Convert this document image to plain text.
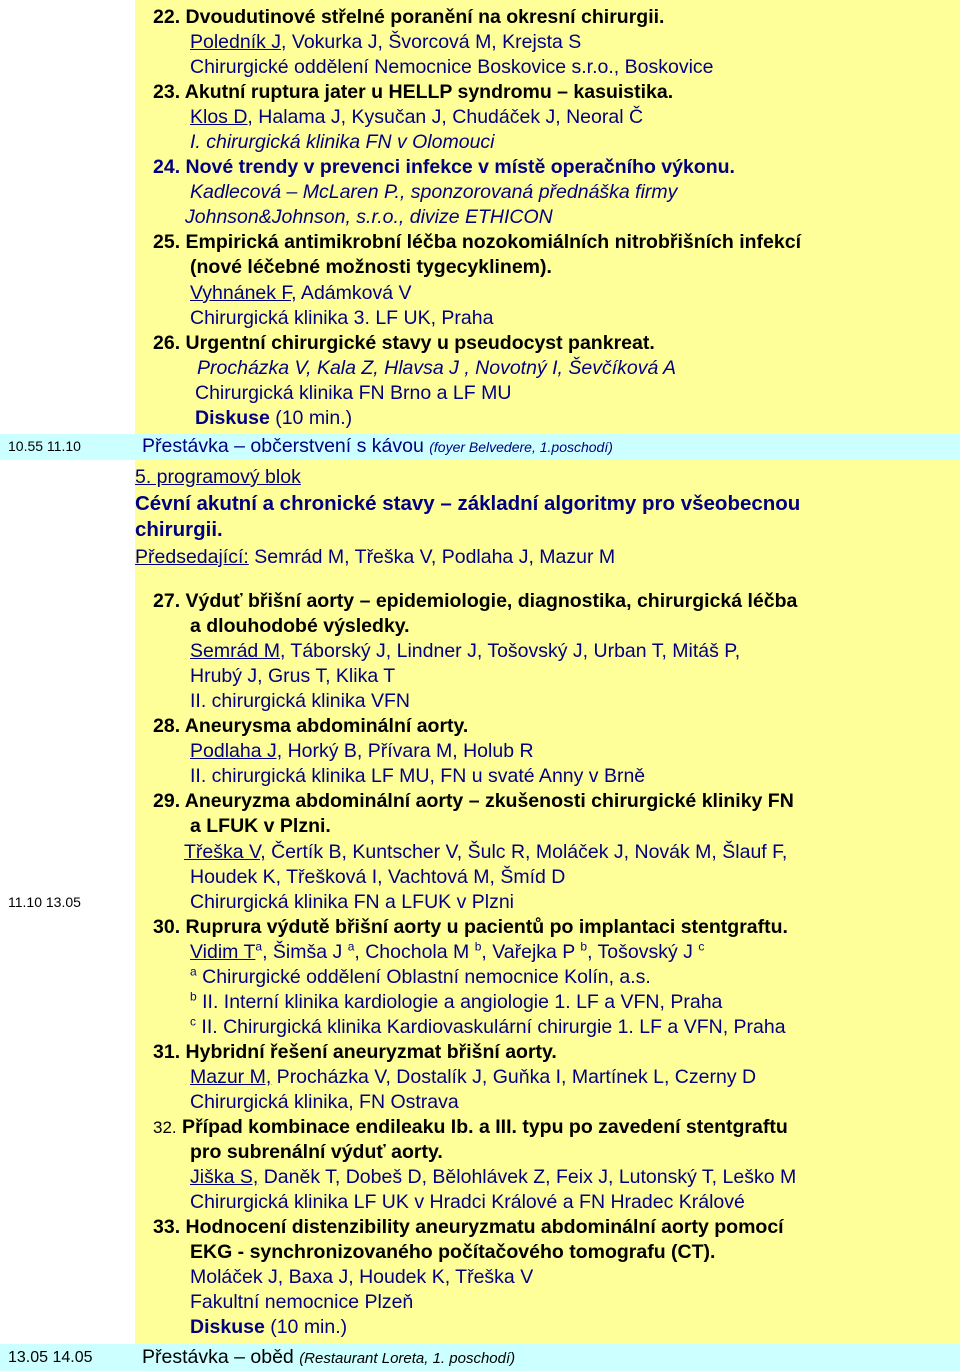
22. Dvoudutinové střelné poranění na okresní chirurgii.
Poledník J, Vokurka J, Švorcová M, Krejsta S
Chirurgické oddělení Nemocnice Boskovice s.r.o., Boskovice
23. Akutní ruptura jater u HELLP syndromu – kasuistika.
Klos D, Halama J, Kysučan J, Chudáček J, Neoral Č
I. chirurgická klinika FN v Olomouci
24. Nové trendy v prevenci infekce v místě operačního výkonu.
Kadlecová – McLaren P., sponzorovaná přednáška firmy
Johnson&Johnson, s.r.o., divize ETHICON
25. Empirická antimikrobní léčba nozokomiálních nitrobřišních infekcí
(nové léčebné možnosti tygecyklinem).
Vyhnánek F, Adámková V
Chirurgická klinika 3. LF UK, Praha
26. Urgentní chirurgické stavy u pseudocyst pankreat.
Procházka V, Kala Z, Hlavsa J , Novotný I, Ševčíková A
Chirurgická klinika FN Brno a LF MU
Diskuse (10 min.)
10.55 11.10	Přestávka – občerstvení s kávou (foyer Belvedere, 1.poschodí)
5. programový blok
Cévní akutní a chronické stavy – základní algoritmy pro všeobecnou
chirurgii.
Předsedající: Semrád M, Třeška V, Podlaha J, Mazur M
27. Výduť břišní aorty – epidemiologie, diagnostika, chirurgická léčba
a dlouhodobé výsledky.
Semrád M, Táborský J, Lindner J, Tošovský J, Urban T, Mitáš P,
Hrubý J, Grus T, Klika T
II. chirurgická klinika VFN
28. Aneurysma abdominální aorty.
Podlaha J, Horký B, Přívara M, Holub R
II. chirurgická klinika LF MU, FN u svaté Anny v Brně
29. Aneuryzma abdominální aorty – zkušenosti chirurgické kliniky FN
a LFUK v Plzni.
Třeška V, Čertík B, Kuntscher V, Šulc R, Moláček J, Novák M, Šlauf F,
Houdek K, Třešková I, Vachtová M, Šmíd D
Chirurgická klinika FN a LFUK v Plzni
11.10 13.05
30. Ruprura výdutě břišní aorty u pacientů po implantaci stentgraftu.
Vidim $T^a$, Šimša J $^a$, Chochola M $^b$, Vařejka P $^b$, Tošovský J $^c$
$^a$ Chirurgické oddělení Oblastní nemocnice Kolín, a.s.
$^b$ II. Interní klinika kardiologie a angiologie 1. LF a VFN, Praha
$^c$ II. Chirurgická klinika Kardiovaskulární chirurgie 1. LF a VFN, Praha
31. Hybridní řešení aneuryzmat břišní aorty.
Mazur M, Procházka V, Dostalík J, Guňka I, Martínek L, Czerny D
Chirurgická klinika, FN Ostrava
32. Případ kombinace endileaku Ib. a III. typu po zavedení stentgraftu
pro subrenální výduť aorty.
Jiška S, Daněk T, Dobeš D, Bělohlávek Z, Feix J, Lutonský T, Leško M
Chirurgická klinika LF UK v Hradci Králové a FN Hradec Králové
33. Hodnocení distenzibility aneuryzmatu abdominální aorty pomocí
EKG - synchronizovaného počítačového tomografu (CT).
Moláček J, Baxa J, Houdek K, Třeška V
Fakultní nemocnice Plzeň
Diskuse (10 min.)
13.05 14.05	Přestávka – oběd (Restaurant Loreta, 1. poschodí)
